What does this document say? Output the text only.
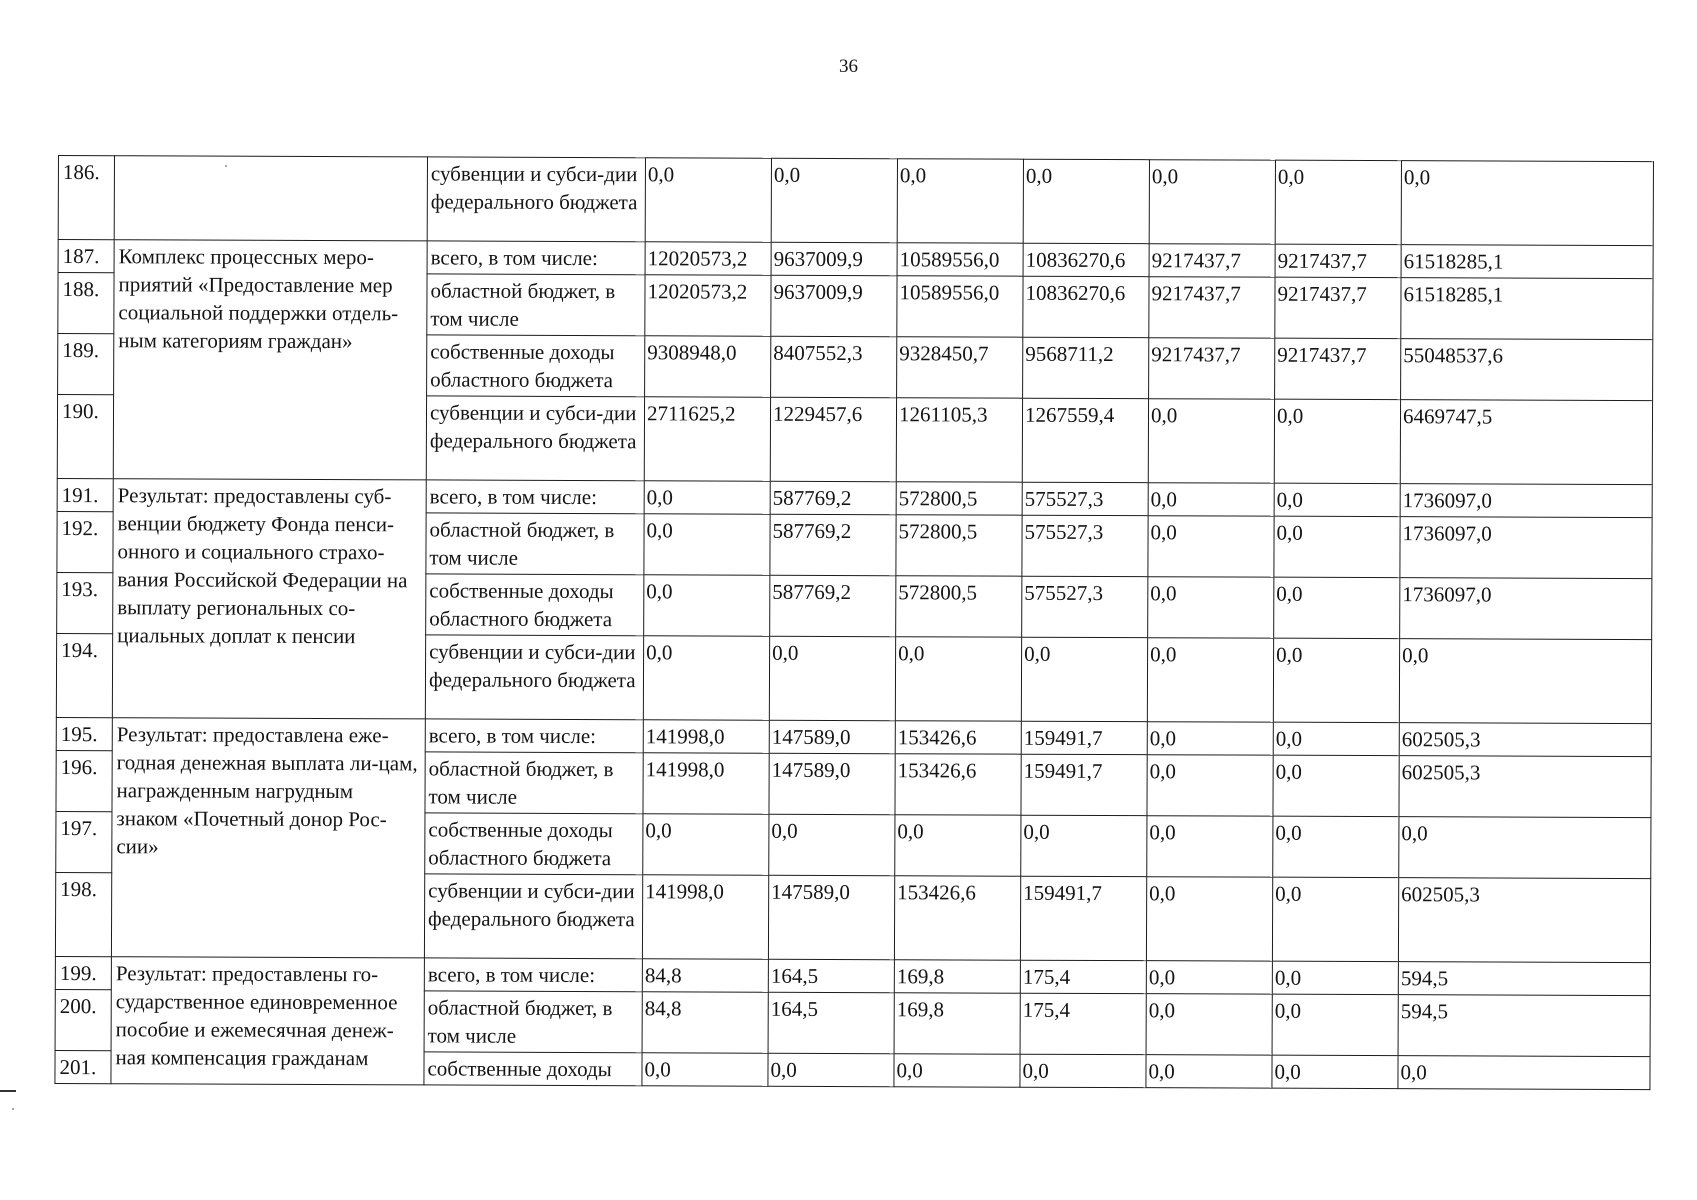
36
186.		субвенции и субси-дии федерального бюджета	0,0	0,0	0,0	0,0	0,0	0,0	0,0
187.	Комплекс процессных меро-приятий «Предоставление мер социальной поддержки отдель-ным категориям граждан»	всего, в том числе:	12020573,2	9637009,9	10589556,0	10836270,6	9217437,7	9217437,7	61518285,1
188.		областной бюджет, в том числе	12020573,2	9637009,9	10589556,0	10836270,6	9217437,7	9217437,7	61518285,1
189.		собственные доходы областного бюджета	9308948,0	8407552,3	9328450,7	9568711,2	9217437,7	9217437,7	55048537,6
190.		субвенции и субси-дии федерального бюджета	2711625,2	1229457,6	1261105,3	1267559,4	0,0	0,0	6469747,5
191.	Результат: предоставлены суб-венции бюджету Фонда пенси-онного и социального страхо-вания Российской Федерации на выплату региональных со-циальных доплат к пенсии	всего, в том числе:	0,0	587769,2	572800,5	575527,3	0,0	0,0	1736097,0
192.		областной бюджет, в том числе	0,0	587769,2	572800,5	575527,3	0,0	0,0	1736097,0
193.		собственные доходы областного бюджета	0,0	587769,2	572800,5	575527,3	0,0	0,0	1736097,0
194.		субвенции и субси-дии федерального бюджета	0,0	0,0	0,0	0,0	0,0	0,0	0,0
195.	Результат: предоставлена еже-годная денежная выплата ли-цам, награжденным нагрудным знаком «Почетный донор Рос-сии»	всего, в том числе:	141998,0	147589,0	153426,6	159491,7	0,0	0,0	602505,3
196.		областной бюджет, в том числе	141998,0	147589,0	153426,6	159491,7	0,0	0,0	602505,3
197.		собственные доходы областного бюджета	0,0	0,0	0,0	0,0	0,0	0,0	0,0
198.		субвенции и субси-дии федерального бюджета	141998,0	147589,0	153426,6	159491,7	0,0	0,0	602505,3
199.	Результат: предоставлены го-сударственное единовременное пособие и ежемесячная денеж-ная компенсация гражданам	всего, в том числе:	84,8	164,5	169,8	175,4	0,0	0,0	594,5
200.		областной бюджет, в том числе	84,8	164,5	169,8	175,4	0,0	0,0	594,5
201.		собственные доходы	0,0	0,0	0,0	0,0	0,0	0,0	0,0
